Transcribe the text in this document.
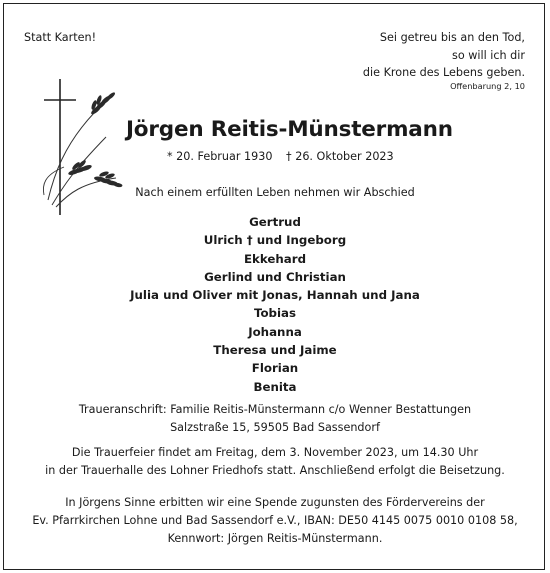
Statt Karten!	Sei getreu bis an den Tod,
so will ich dir
die Krone des Lebens geben.
Offenbarung 2, 10
Jörgen Reitis-Münstermann
* 20. Februar 1930 † 26. Oktober 2023
Nach einem erfüllten Leben nehmen wir Abschied
Gertrud
Ulrich † und Ingeborg
Ekkehard
Gerlind und Christian
Julia und Oliver mit Jonas, Hannah und Jana
Tobias
Johanna
Theresa und Jaime
Florian
Benita
Traueranschrift: Familie Reitis-Münstermann c/o Wenner Bestattungen
Salzstraße 15, 59505 Bad Sassendorf
Die Trauerfeier findet am Freitag, dem 3. November 2023, um 14.30 Uhr
in der Trauerhalle des Lohner Friedhofs statt. Anschließend erfolgt die Beisetzung.
In Jörgens Sinne erbitten wir eine Spende zugunsten des Fördervereins der
Ev. Pfarrkirchen Lohne und Bad Sassendorf e.V., IBAN: DE50 4145 0075 0010 0108 58,
Kennwort: Jörgen Reitis-Münstermann.
